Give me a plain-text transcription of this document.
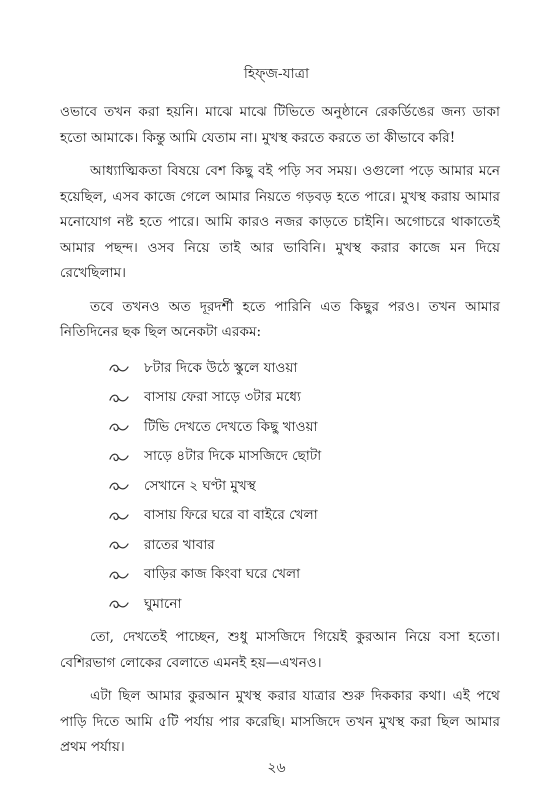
হিফ্‌জ-যাত্রা

ওভাবে তখন করা হয়নি। মাঝে মাঝে টিভিতে অনুষ্ঠানে রেকর্ডিঙের জন্য ডাকা হতো আমাকে। কিন্তু আমি যেতাম না। মুখস্থ করতে করতে তা কীভাবে করি!

আধ্যাত্মিকতা বিষয়ে বেশ কিছু বই পড়ি সব সময়। ওগুলো পড়ে আমার মনে হয়েছিল, এসব কাজে গেলে আমার নিয়তে গড়বড় হতে পারে। মুখস্থ করায় আমার মনোযোগ নষ্ট হতে পারে। আমি কারও নজর কাড়তে চাইনি। অগোচরে থাকাতেই আমার পছন্দ। ওসব নিয়ে তাই আর ভাবিনি। মুখস্থ করার কাজে মন দিয়ে রেখেছিলাম।

তবে তখনও অত দূরদর্শী হতে পারিনি এত কিছুর পরও। তখন আমার নিতিদিনের ছক ছিল অনেকটা এরকম:

৮টার দিকে উঠে স্কুলে যাওয়া
বাসায় ফেরা সাড়ে ৩টার মধ্যে
টিভি দেখতে দেখতে কিছু খাওয়া
সাড়ে ৪টার দিকে মাসজিদে ছোটা
সেখানে ২ ঘণ্টা মুখস্থ
বাসায় ফিরে ঘরে বা বাইরে খেলা
রাতের খাবার
বাড়ির কাজ কিংবা ঘরে খেলা
ঘুমানো

তো, দেখতেই পাচ্ছেন, শুধু মাসজিদে গিয়েই কুরআন নিয়ে বসা হতো। বেশিরভাগ লোকের বেলাতে এমনই হয়—এখনও।

এটা ছিল আমার কুরআন মুখস্থ করার যাত্রার শুরু দিককার কথা। এই পথে পাড়ি দিতে আমি ৫টি পর্যায় পার করেছি। মাসজিদে তখন মুখস্থ করা ছিল আমার প্রথম পর্যায়।

২৬
